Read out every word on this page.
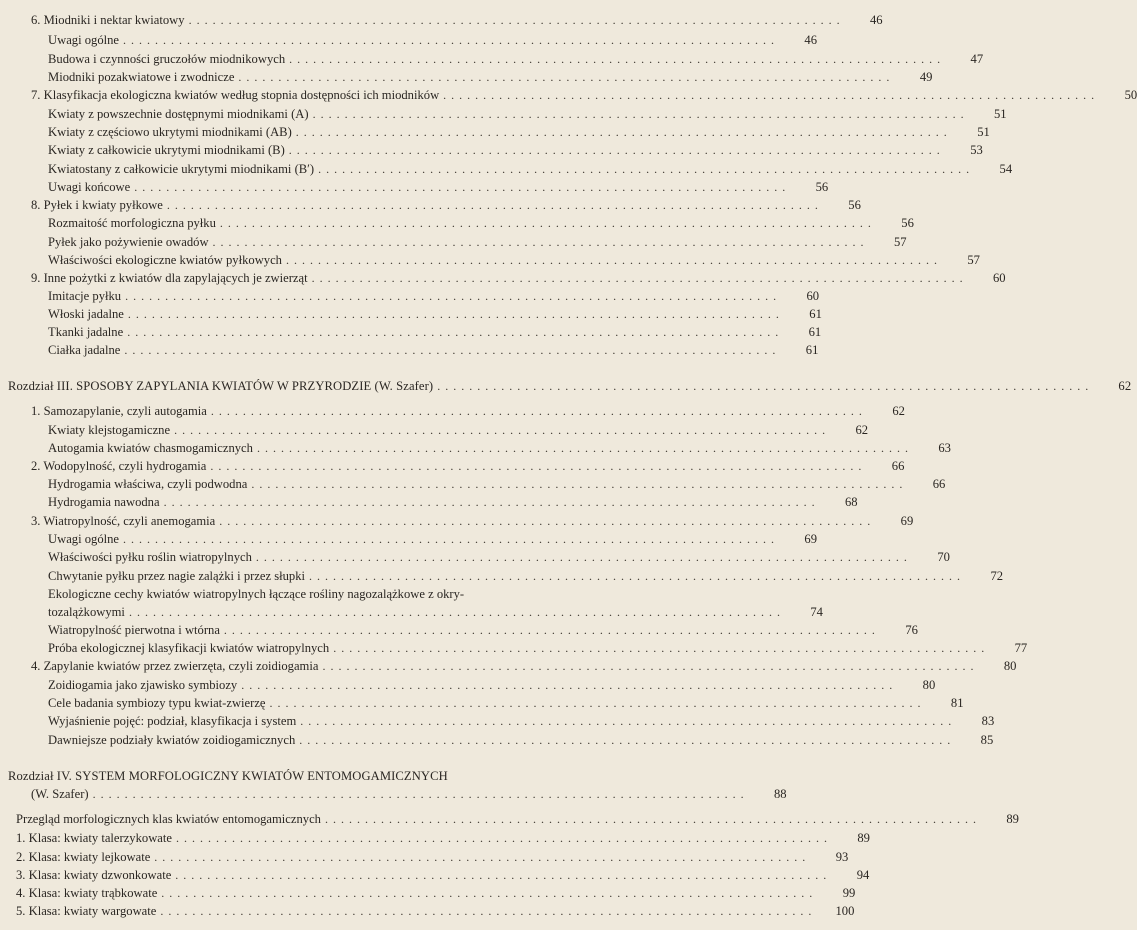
6. Miodniki i nektar kwiatowy ..................................................................................	46
Uwagi ogólne ..................................................................................	46
Budowa i czynności gruczołów miodnikowych ..................................................................................	47
Miodniki pozakwiatowe i zwodnicze ..................................................................................	49
7. Klasyfikacja ekologiczna kwiatów według stopnia dostępności ich miodników ..................................................................................	50
Kwiaty z powszechnie dostępnymi miodnikami (A) ..................................................................................	51
Kwiaty z częściowo ukrytymi miodnikami (AB) ..................................................................................	51
Kwiaty z całkowicie ukrytymi miodnikami (B) ..................................................................................	53
Kwiatostany z całkowicie ukrytymi miodnikami (B′) ..................................................................................	54
Uwagi końcowe ..................................................................................	56
8. Pyłek i kwiaty pyłkowe ..................................................................................	56
Rozmaitość morfologiczna pyłku ..................................................................................	56
Pyłek jako pożywienie owadów ..................................................................................	57
Właściwości ekologiczne kwiatów pyłkowych ..................................................................................	57
9. Inne pożytki z kwiatów dla zapylających je zwierząt ..................................................................................	60
Imitacje pyłku ..................................................................................	60
Włoski jadalne ..................................................................................	61
Tkanki jadalne ..................................................................................	61
Ciałka jadalne ..................................................................................	61
Rozdział III. SPOSOBY ZAPYLANIA KWIATÓW W PRZYRODZIE (W. Szafer) ..................................................................................	62
1. Samozapylanie, czyli autogamia ..................................................................................	62
Kwiaty klejstogamiczne ..................................................................................	62
Autogamia kwiatów chasmogamicznych ..................................................................................	63
2. Wodopylność, czyli hydrogamia ..................................................................................	66
Hydrogamia właściwa, czyli podwodna ..................................................................................	66
Hydrogamia nawodna ..................................................................................	68
3. Wiatropylność, czyli anemogamia ..................................................................................	69
Uwagi ogólne ..................................................................................	69
Właściwości pyłku roślin wiatropylnych ..................................................................................	70
Chwytanie pyłku przez nagie zalążki i przez słupki ..................................................................................	72
Ekologiczne cechy kwiatów wiatropylnych łączące rośliny nagozalążkowe z okry-
tozalążkowymi ..................................................................................	74
Wiatropylność pierwotna i wtórna ..................................................................................	76
Próba ekologicznej klasyfikacji kwiatów wiatropylnych ..................................................................................	77
4. Zapylanie kwiatów przez zwierzęta, czyli zoidiogamia ..................................................................................	80
Zoidiogamia jako zjawisko symbiozy ..................................................................................	80
Cele badania symbiozy typu kwiat-zwierzę ..................................................................................	81
Wyjaśnienie pojęć: podział, klasyfikacja i system ..................................................................................	83
Dawniejsze podziały kwiatów zoidiogamicznych ..................................................................................	85
Rozdział IV. SYSTEM MORFOLOGICZNY KWIATÓW ENTOMOGAMICZNYCH
(W. Szafer) ..................................................................................	88
Przegląd morfologicznych klas kwiatów entomogamicznych ..................................................................................	89
1. Klasa: kwiaty talerzykowate ..................................................................................	89
2. Klasa: kwiaty lejkowate ..................................................................................	93
3. Klasa: kwiaty dzwonkowate ..................................................................................	94
4. Klasa: kwiaty trąbkowate ..................................................................................	99
5. Klasa: kwiaty wargowate ..................................................................................	100
